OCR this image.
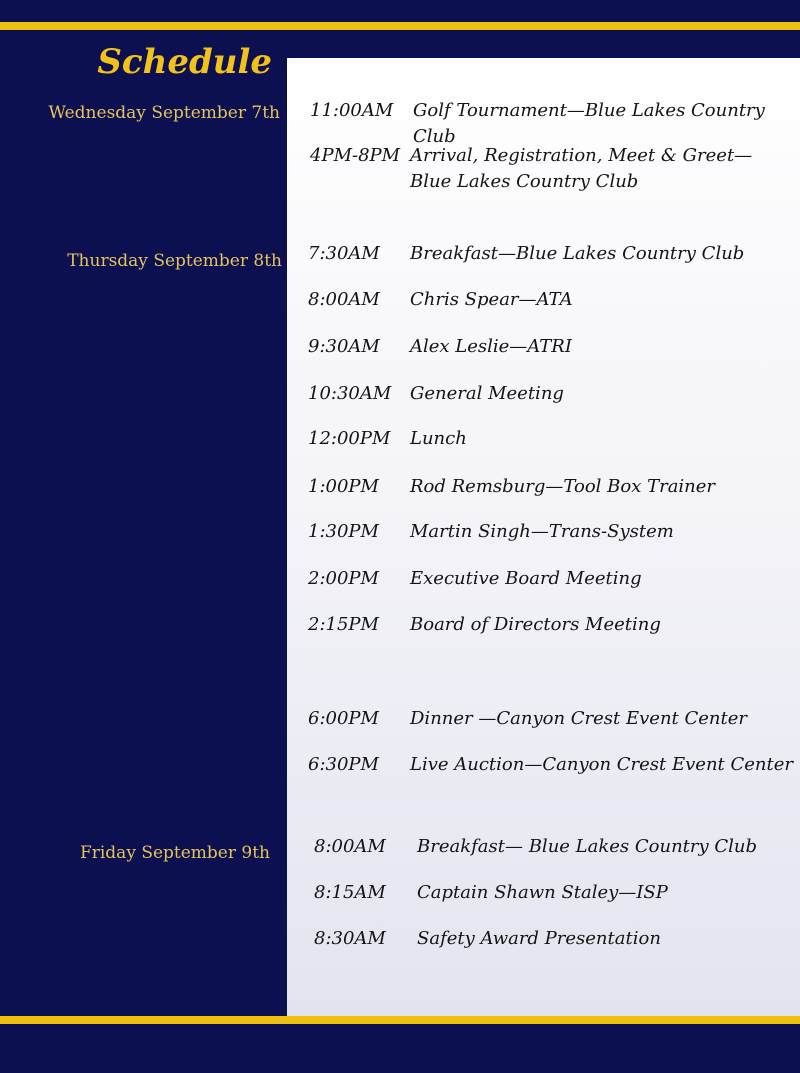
Schedule
Wednesday September 7th
Thursday September 8th
Friday September 9th
11:00AM Golf Tournament—Blue Lakes Country Club
4PM-8PM Arrival, Registration, Meet & Greet—Blue Lakes Country Club
7:30AM Breakfast—Blue Lakes Country Club
8:00AM Chris Spear—ATA
9:30AM Alex Leslie—ATRI
10:30AM General Meeting
12:00PM Lunch
1:00PM Rod Remsburg—Tool Box Trainer
1:30PM Martin Singh—Trans-System
2:00PM Executive Board Meeting
2:15PM Board of Directors Meeting
6:00PM Dinner —Canyon Crest Event Center
6:30PM Live Auction—Canyon Crest Event Center
8:00AM Breakfast— Blue Lakes Country Club
8:15AM Captain Shawn Staley—ISP
8:30AM Safety Award Presentation
